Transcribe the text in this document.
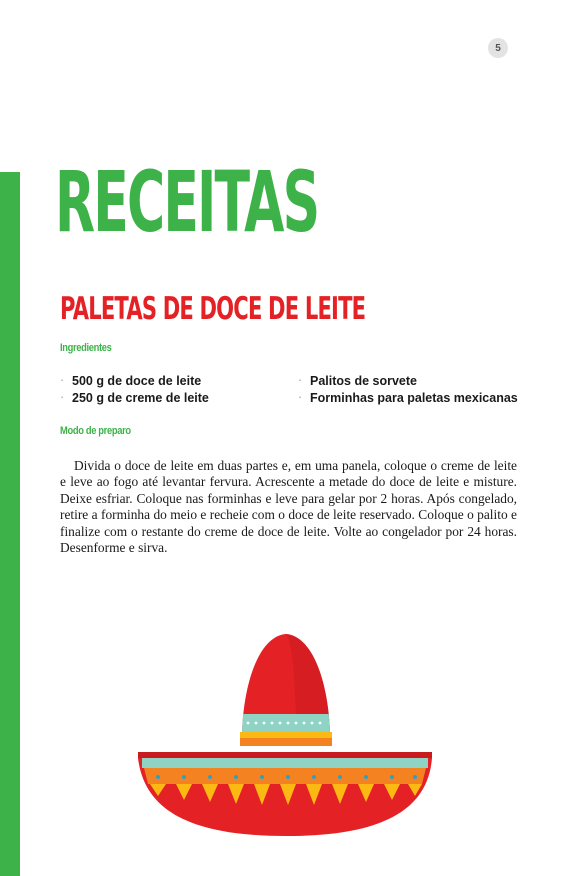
5
RECEITAS
PALETAS DE DOCE DE LEITE
Ingredientes
· 500 g de doce de leite
· 250 g de creme de leite
· Palitos de sorvete
· Forminhas para paletas mexicanas
Modo de preparo

Divida o doce de leite em duas partes e, em uma panela, coloque o creme de leite e leve ao fogo até levantar fervura. Acrescente a metade do doce de leite e misture. Deixe esfriar. Coloque nas forminhas e leve para gelar por 2 horas. Após congelado, retire a forminha do meio e recheie com o doce de leite reservado. Coloque o palito e finalize com o restante do creme de doce de leite. Volte ao congelador por 24 horas. Desenforme e sirva.
